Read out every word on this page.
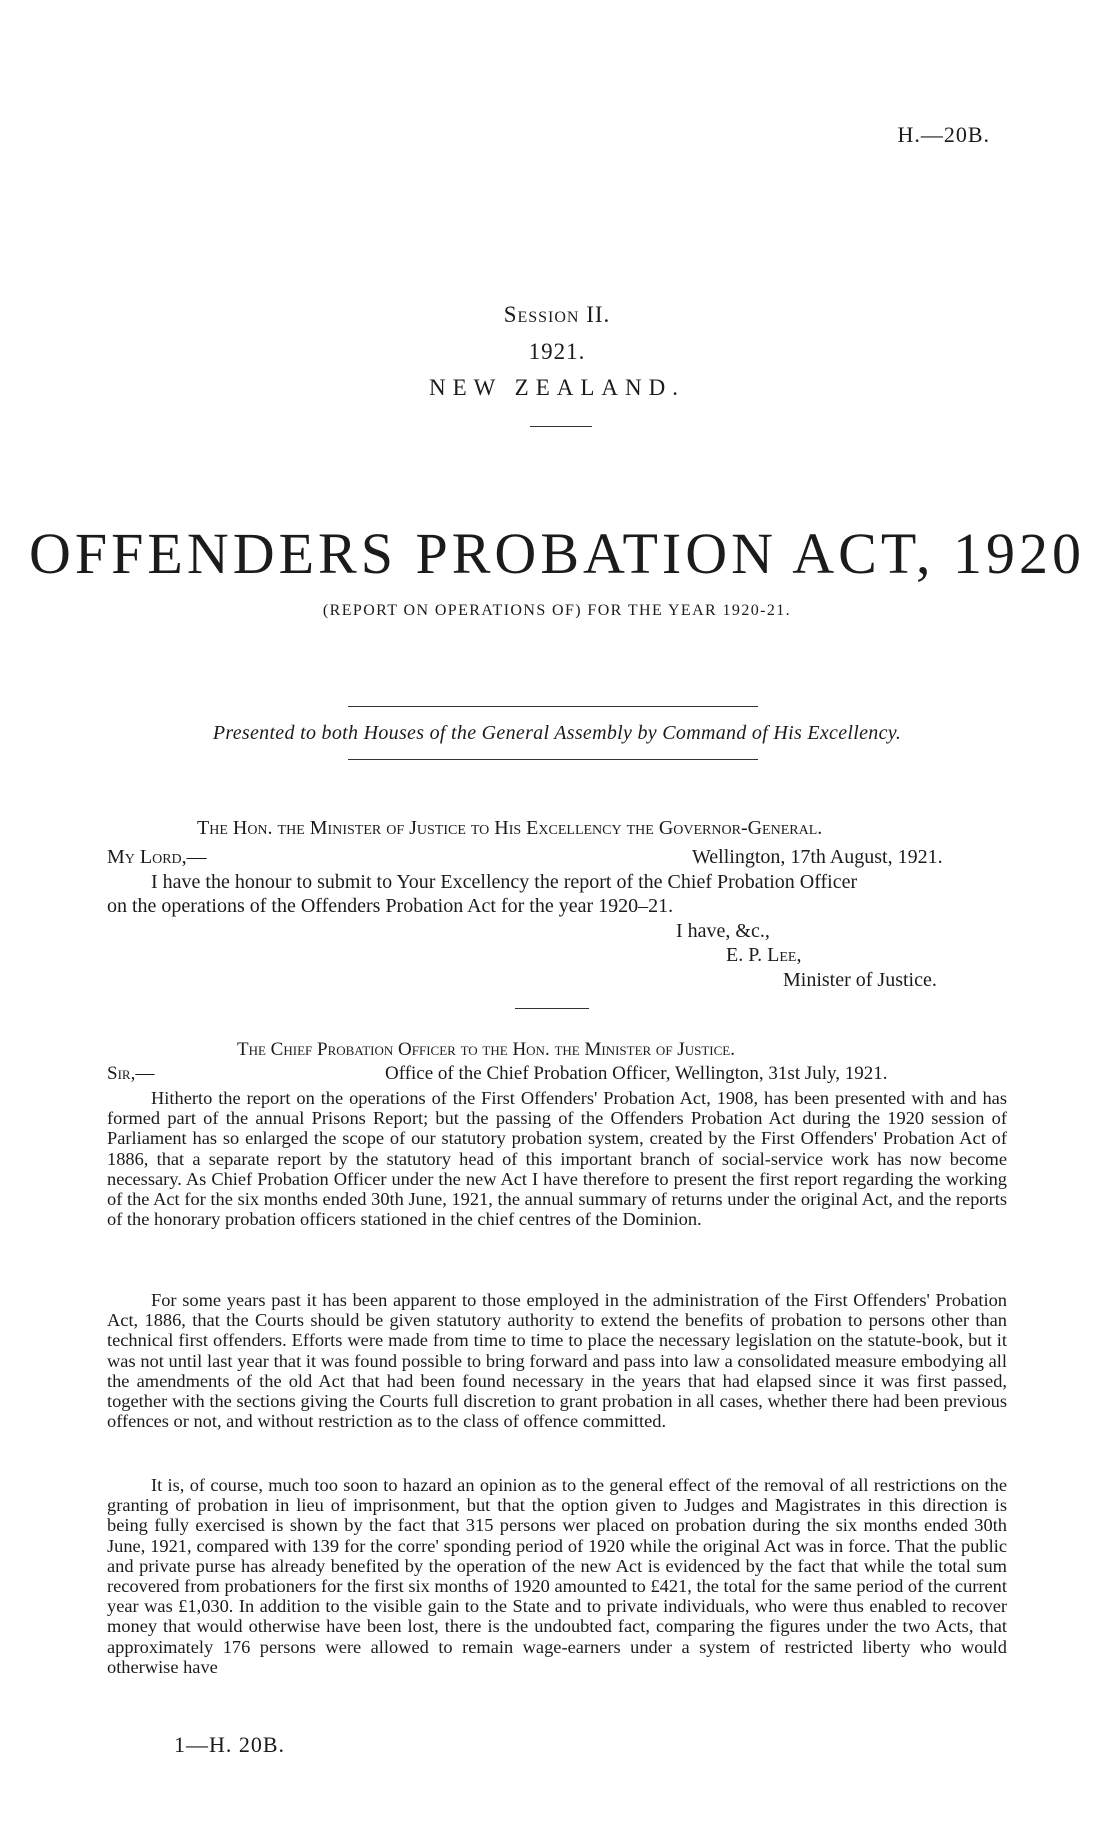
H.—20B.
Session II.
1921.
NEW ZEALAND.
OFFENDERS PROBATION ACT, 1920
(REPORT ON OPERATIONS OF) FOR THE YEAR 1920-21.
Presented to both Houses of the General Assembly by Command of His Excellency.
The Hon. the Minister of Justice to His Excellency the Governor-General.
My Lord,—	Wellington, 17th August, 1921.
I have the honour to submit to Your Excellency the report of the Chief Probation Officer
on the operations of the Offenders Probation Act for the year 1920–21.
I have, &c.,
E. P. Lee,
Minister of Justice.
The Chief Probation Officer to the Hon. the Minister of Justice.
Sir,—	Office of the Chief Probation Officer, Wellington, 31st July, 1921.

Hitherto the report on the operations of the First Offenders' Probation Act, 1908, has been presented with and has formed part of the annual Prisons Report; but the passing of the Offenders Probation Act during the 1920 session of Parliament has so enlarged the scope of our statutory probation system, created by the First Offenders' Probation Act of 1886, that a separate report by the statutory head of this important branch of social-service work has now become necessary. As Chief Probation Officer under the new Act I have therefore to present the first report regarding the working of the Act for the six months ended 30th June, 1921, the annual summary of returns under the original Act, and the reports of the honorary probation officers stationed in the chief centres of the Dominion.

For some years past it has been apparent to those employed in the administration of the First Offenders' Probation Act, 1886, that the Courts should be given statutory authority to extend the benefits of probation to persons other than technical first offenders. Efforts were made from time to time to place the necessary legislation on the statute-book, but it was not until last year that it was found possible to bring forward and pass into law a consolidated measure embodying all the amendments of the old Act that had been found necessary in the years that had elapsed since it was first passed, together with the sections giving the Courts full discretion to grant probation in all cases, whether there had been previous offences or not, and without restriction as to the class of offence committed.

It is, of course, much too soon to hazard an opinion as to the general effect of the removal of all restrictions on the granting of probation in lieu of imprisonment, but that the option given to Judges and Magistrates in this direction is being fully exercised is shown by the fact that 315 persons wer placed on probation during the six months ended 30th June, 1921, compared with 139 for the corre' sponding period of 1920 while the original Act was in force. That the public and private purse has already benefited by the operation of the new Act is evidenced by the fact that while the total sum recovered from probationers for the first six months of 1920 amounted to £421, the total for the same period of the current year was £1,030. In addition to the visible gain to the State and to private individuals, who were thus enabled to recover money that would otherwise have been lost, there is the undoubted fact, comparing the figures under the two Acts, that approximately 176 persons were allowed to remain wage-earners under a system of restricted liberty who would otherwise have

1—H. 20B.
